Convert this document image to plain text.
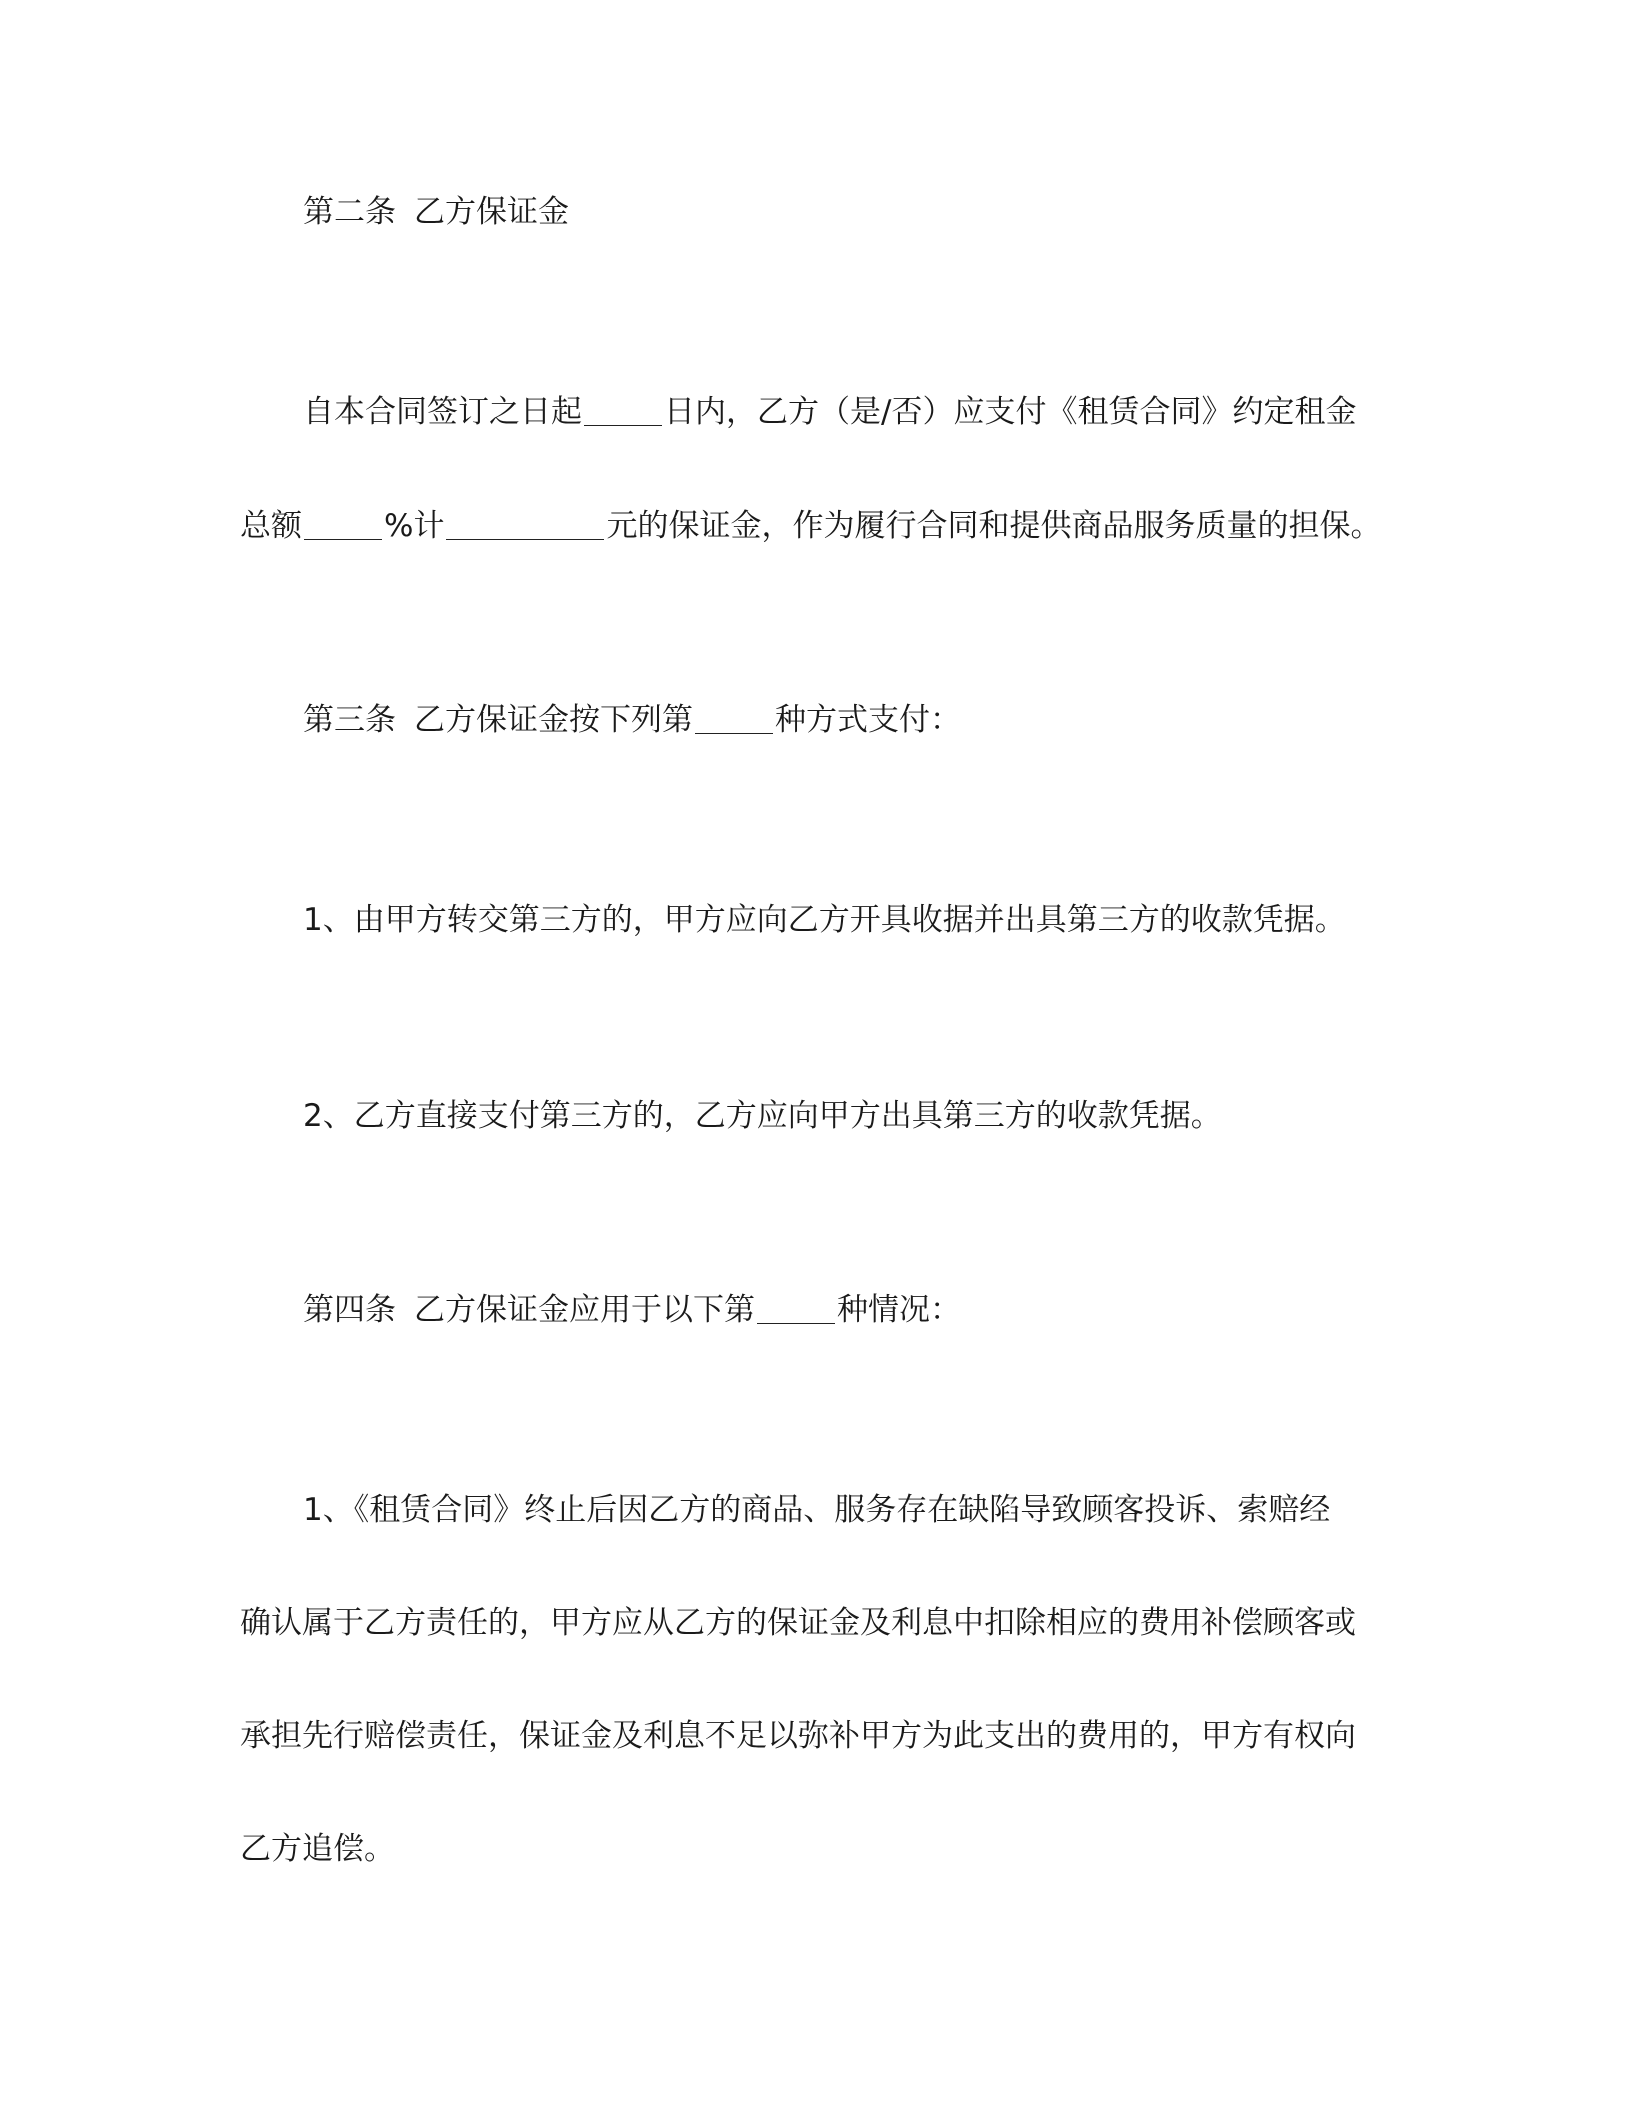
第二条 乙方保证金
自本合同签订之日起	日内，乙方（是/否）应支付《租赁合同》约定租金
总额	%计	元的保证金，作为履行合同和提供商品服务质量的担保。
第三条 乙方保证金按下列第	种方式支付：
1、由甲方转交第三方的，甲方应向乙方开具收据并出具第三方的收款凭据。
2、乙方直接支付第三方的，乙方应向甲方出具第三方的收款凭据。
第四条 乙方保证金应用于以下第	种情况：
1、《租赁合同》终止后因乙方的商品、服务存在缺陷导致顾客投诉、索赔经
确认属于乙方责任的，甲方应从乙方的保证金及利息中扣除相应的费用补偿顾客或
承担先行赔偿责任，保证金及利息不足以弥补甲方为此支出的费用的，甲方有权向
乙方追偿。
